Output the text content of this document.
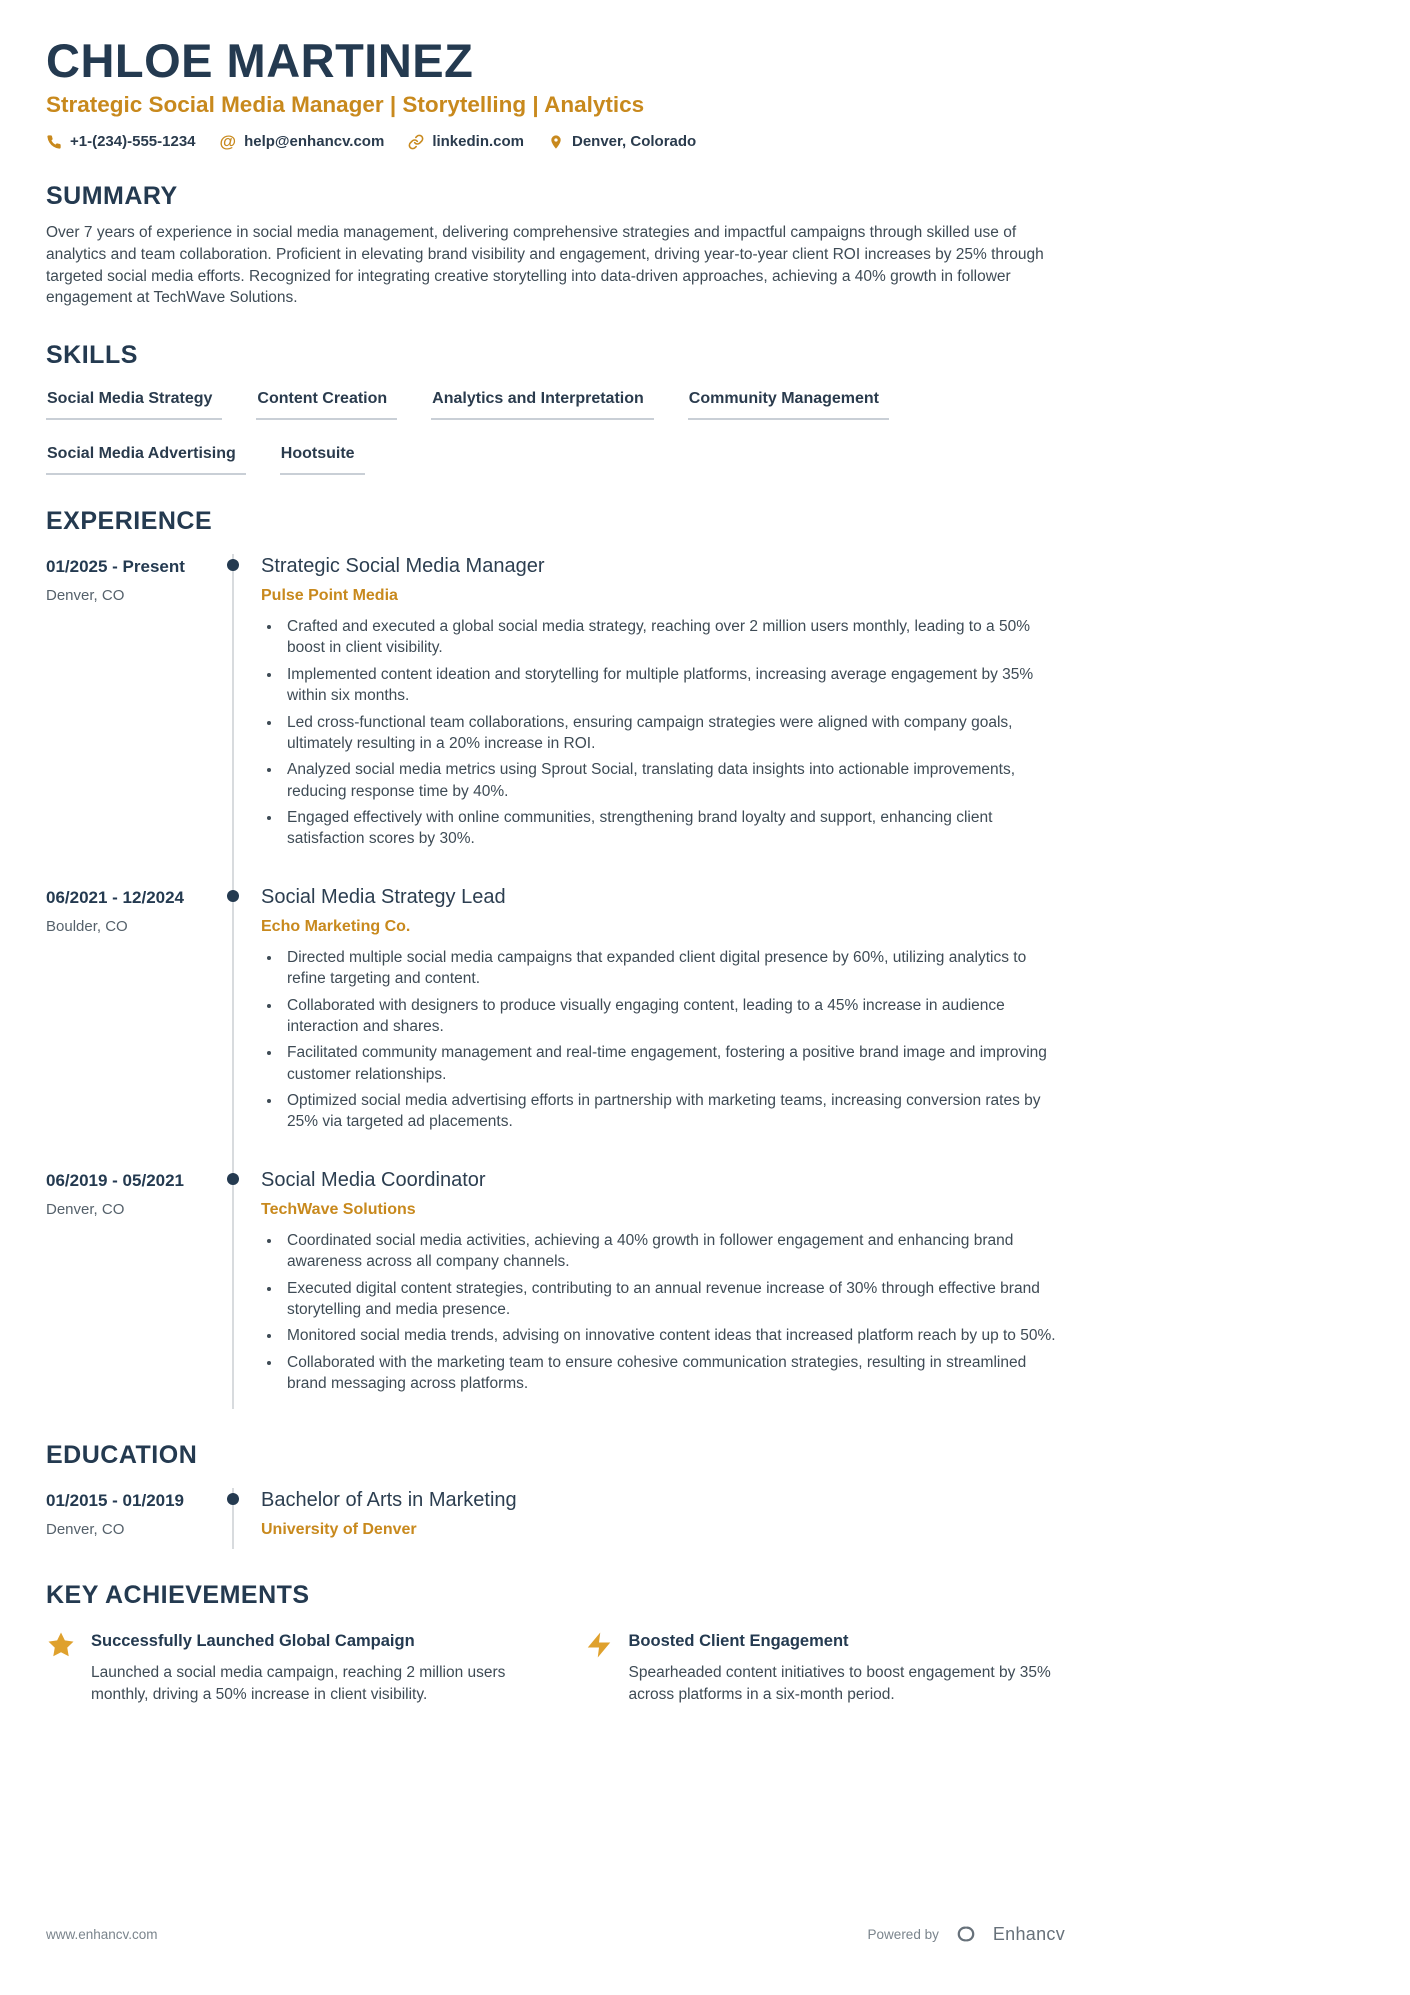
CHLOE MARTINEZ
Strategic Social Media Manager | Storytelling | Analytics
+1-(234)-555-1234 @ help@enhancv.com	linkedin.com	Denver, Colorado
SUMMARY

Over 7 years of experience in social media management, delivering comprehensive strategies and impactful campaigns through skilled use of analytics and team collaboration. Proficient in elevating brand visibility and engagement, driving year-to-year client ROI increases by 25% through targeted social media efforts. Recognized for integrating creative storytelling into data-driven approaches, achieving a 40% growth in follower engagement at TechWave Solutions.

SKILLS
Social Media Strategy	Content Creation	Analytics and Interpretation	Community Management
Social Media Advertising	Hootsuite
EXPERIENCE
01/2025 - Present
Denver, CO
Strategic Social Media Manager
Pulse Point Media
• Crafted and executed a global social media strategy, reaching over 2 million users monthly, leading to a 50% boost in client visibility.
• Implemented content ideation and storytelling for multiple platforms, increasing average engagement by 35% within six months.
• Led cross-functional team collaborations, ensuring campaign strategies were aligned with company goals, ultimately resulting in a 20% increase in ROI.
• Analyzed social media metrics using Sprout Social, translating data insights into actionable improvements, reducing response time by 40%.
• Engaged effectively with online communities, strengthening brand loyalty and support, enhancing client satisfaction scores by 30%.
06/2021 - 12/2024
Boulder, CO
Social Media Strategy Lead
Echo Marketing Co.
• Directed multiple social media campaigns that expanded client digital presence by 60%, utilizing analytics to refine targeting and content.
• Collaborated with designers to produce visually engaging content, leading to a 45% increase in audience interaction and shares.
• Facilitated community management and real-time engagement, fostering a positive brand image and improving customer relationships.
• Optimized social media advertising efforts in partnership with marketing teams, increasing conversion rates by 25% via targeted ad placements.
06/2019 - 05/2021
Denver, CO
Social Media Coordinator
TechWave Solutions
• Coordinated social media activities, achieving a 40% growth in follower engagement and enhancing brand awareness across all company channels.
• Executed digital content strategies, contributing to an annual revenue increase of 30% through effective brand storytelling and media presence.
• Monitored social media trends, advising on innovative content ideas that increased platform reach by up to 50%.
• Collaborated with the marketing team to ensure cohesive communication strategies, resulting in streamlined brand messaging across platforms.
EDUCATION
01/2015 - 01/2019
Denver, CO
Bachelor of Arts in Marketing
University of Denver
KEY ACHIEVEMENTS
Successfully Launched Global Campaign

Launched a social media campaign, reaching 2 million users monthly, driving a 50% increase in client visibility.

Boosted Client Engagement

Spearheaded content initiatives to boost engagement by 35% across platforms in a six-month period.

www.enhancv.com	Powered by	Enhancv
